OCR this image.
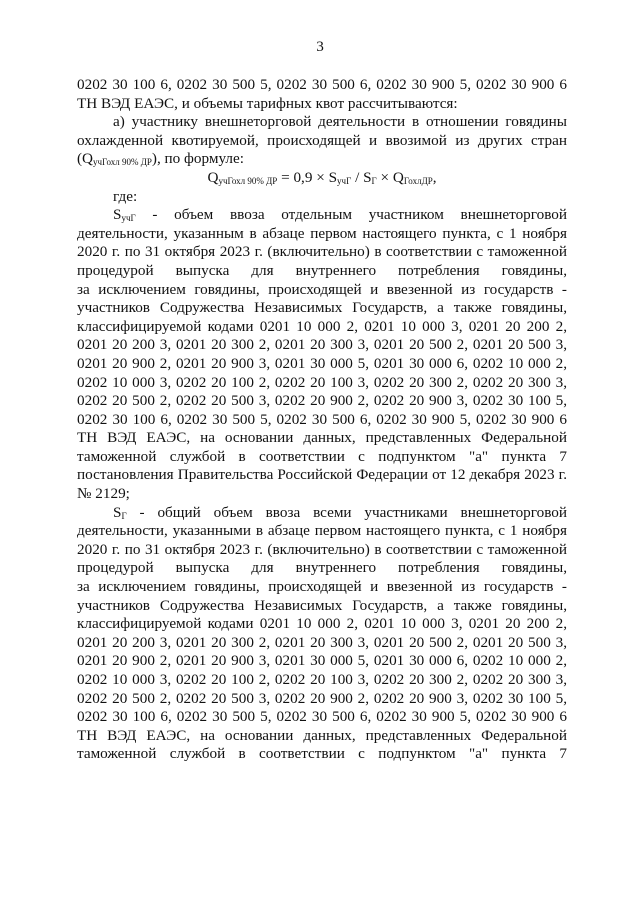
3
0202 30 100 6, 0202 30 500 5, 0202 30 500 6, 0202 30 900 5, 0202 30 900 6
ТН ВЭД ЕАЭС, и объемы тарифных квот рассчитываются:
а) участнику внешнеторговой деятельности в отношении говядины
охлажденной квотируемой, происходящей и ввозимой из других стран
$(Q_{учГохл 90\% ДР})$, по формуле:
$Q_{учГохл 90\% ДР} = 0,9 \times S_{учГ} / S_Г \times Q_{ГохлДР}$,
где:
$S_{учГ}$ - объем ввоза отдельным участником внешнеторговой
деятельности, указанным в абзаце первом настоящего пункта, с 1 ноября
2020 г. по 31 октября 2023 г. (включительно) в соответствии с таможенной
процедурой выпуска для внутреннего потребления говядины,
за исключением говядины, происходящей и ввезенной из государств -
участников Содружества Независимых Государств, а также говядины,
классифицируемой кодами 0201 10 000 2, 0201 10 000 3, 0201 20 200 2,
0201 20 200 3, 0201 20 300 2, 0201 20 300 3, 0201 20 500 2, 0201 20 500 3,
0201 20 900 2, 0201 20 900 3, 0201 30 000 5, 0201 30 000 6, 0202 10 000 2,
0202 10 000 3, 0202 20 100 2, 0202 20 100 3, 0202 20 300 2, 0202 20 300 3,
0202 20 500 2, 0202 20 500 3, 0202 20 900 2, 0202 20 900 3, 0202 30 100 5,
0202 30 100 6, 0202 30 500 5, 0202 30 500 6, 0202 30 900 5, 0202 30 900 6
ТН ВЭД ЕАЭС, на основании данных, представленных Федеральной
таможенной службой в соответствии с подпунктом "а" пункта 7
постановления Правительства Российской Федерации от 12 декабря 2023 г.
№ 2129;
$S_Г$ - общий объем ввоза всеми участниками внешнеторговой
деятельности, указанными в абзаце первом настоящего пункта, с 1 ноября
2020 г. по 31 октября 2023 г. (включительно) в соответствии с таможенной
процедурой выпуска для внутреннего потребления говядины,
за исключением говядины, происходящей и ввезенной из государств -
участников Содружества Независимых Государств, а также говядины,
классифицируемой кодами 0201 10 000 2, 0201 10 000 3, 0201 20 200 2,
0201 20 200 3, 0201 20 300 2, 0201 20 300 3, 0201 20 500 2, 0201 20 500 3,
0201 20 900 2, 0201 20 900 3, 0201 30 000 5, 0201 30 000 6, 0202 10 000 2,
0202 10 000 3, 0202 20 100 2, 0202 20 100 3, 0202 20 300 2, 0202 20 300 3,
0202 20 500 2, 0202 20 500 3, 0202 20 900 2, 0202 20 900 3, 0202 30 100 5,
0202 30 100 6, 0202 30 500 5, 0202 30 500 6, 0202 30 900 5, 0202 30 900 6
ТН ВЭД ЕАЭС, на основании данных, представленных Федеральной
таможенной службой в соответствии с подпунктом "а" пункта 7
